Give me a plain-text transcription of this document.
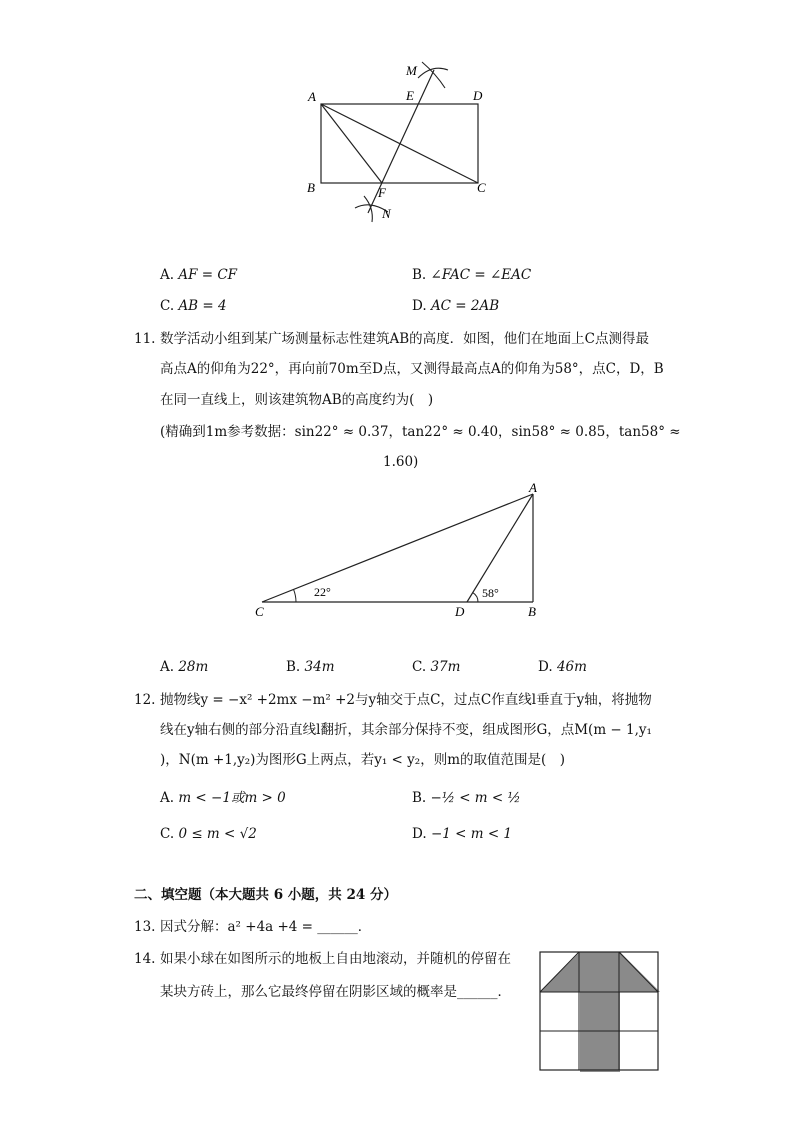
A	E	D
M
B	F	C
N
A. AF = CF	B. ∠FAC = ∠EAC
C. AB = 4	D. AC = 2AB
11. 数学活动小组到某广场测量标志性建筑AB的高度．如图，他们在地面上C点测得最
高点A的仰角为22°，再向前70m至D点，又测得最高点A的仰角为58°，点C，D，B
在同一直线上，则该建筑物AB的高度约为(　)
(精确到1m参考数据：sin22° ≈ 0.37，tan22° ≈ 0.40，sin58° ≈ 0.85，tan58° ≈
1.60)
A
C	D	B
22°	58°
A. 28m	B. 34m	C. 37m	D. 46m
12. 抛物线y = −x² +2mx −m² +2与y轴交于点C，过点C作直线l垂直于y轴，将抛物
线在y轴右侧的部分沿直线l翻折，其余部分保持不变，组成图形G，点M(m − 1,y₁
)，N(m +1,y₂)为图形G上两点，若y₁ < y₂，则m的取值范围是(　)
A. m < −1或m > 0	B. −½ < m < ½
C. 0 ≤ m < √2	D. −1 < m < 1
二、填空题（本大题共 6 小题，共 24 分）
13. 因式分解：a² +4a +4 = ______．
14. 如果小球在如图所示的地板上自由地滚动，并随机的停留在
某块方砖上，那么它最终停留在阴影区域的概率是______．
